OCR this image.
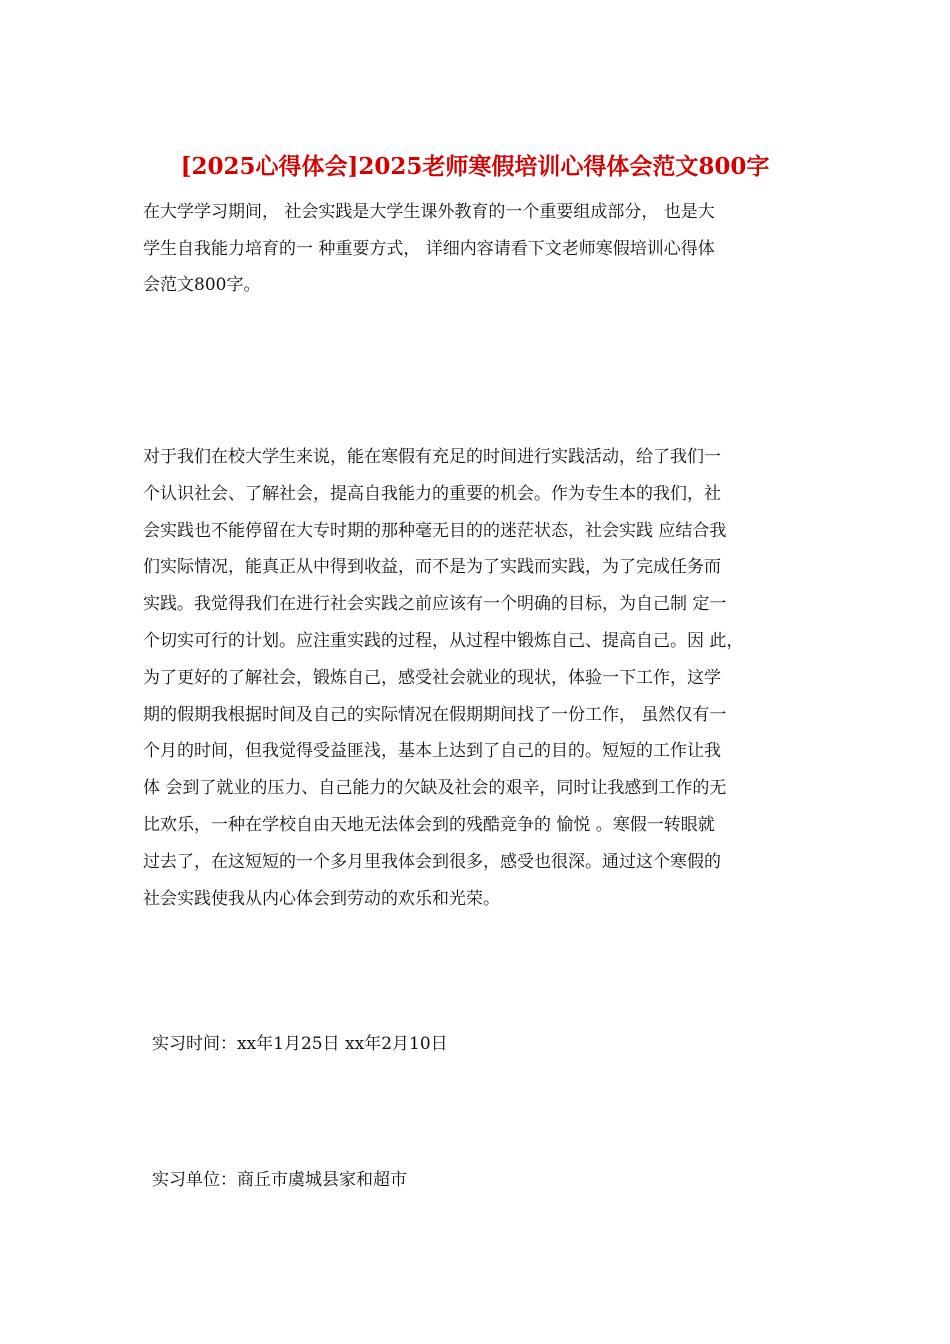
[2025心得体会]2025老师寒假培训心得体会范文800字
在大学学习期间， 社会实践是大学生课外教育的一个重要组成部分， 也是大
学生自我能力培育的一 种重要方式， 详细内容请看下文老师寒假培训心得体
会范文800字。
对于我们在校大学生来说，能在寒假有充足的时间进行实践活动，给了我们一
个认识社会、了解社会，提高自我能力的重要的机会。作为专生本的我们，社
会实践也不能停留在大专时期的那种毫无目的的迷茫状态，社会实践 应结合我
们实际情况，能真正从中得到收益，而不是为了实践而实践，为了完成任务而
实践。我觉得我们在进行社会实践之前应该有一个明确的目标，为自己制 定一
个切实可行的计划。应注重实践的过程，从过程中锻炼自己、提高自己。因 此，
为了更好的了解社会，锻炼自己，感受社会就业的现状，体验一下工作，这学
期的假期我根据时间及自己的实际情况在假期期间找了一份工作， 虽然仅有一
个月的时间，但我觉得受益匪浅，基本上达到了自己的目的。短短的工作让我
体 会到了就业的压力、自己能力的欠缺及社会的艰辛，同时让我感到工作的无
比欢乐，一种在学校自由天地无法体会到的残酷竞争的 愉悦 。寒假一转眼就
过去了，在这短短的一个多月里我体会到很多，感受也很深。通过这个寒假的
社会实践使我从内心体会到劳动的欢乐和光荣。
实习时间：xx年1月25日 xx年2月10日
实习单位：商丘市虞城县家和超市
